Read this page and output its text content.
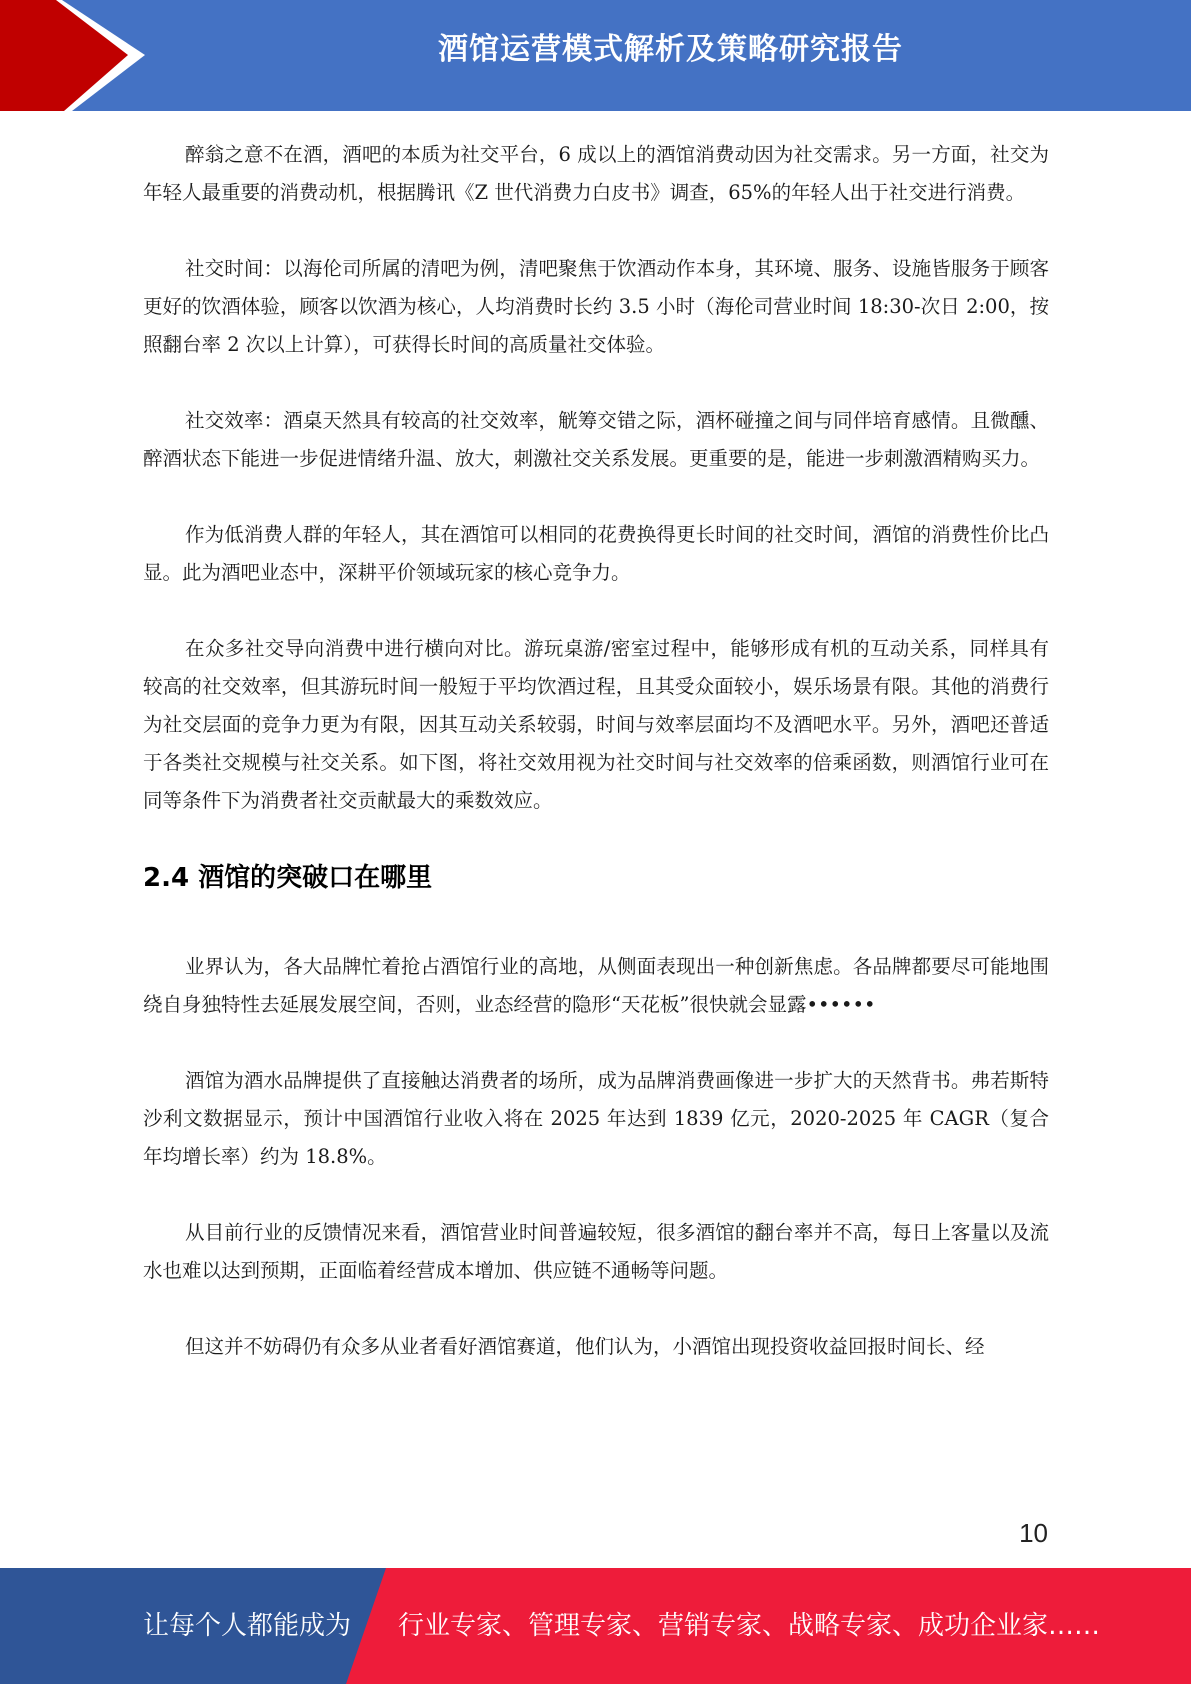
酒馆运营模式解析及策略研究报告

醉翁之意不在酒，酒吧的本质为社交平台，6 成以上的酒馆消费动因为社交需求。另一方面，社交为年轻人最重要的消费动机，根据腾讯《Z 世代消费力白皮书》调查，65%的年轻人出于社交进行消费。

社交时间：以海伦司所属的清吧为例，清吧聚焦于饮酒动作本身，其环境、服务、设施皆服务于顾客更好的饮酒体验，顾客以饮酒为核心，人均消费时长约 3.5 小时（海伦司营业时间 18:30-次日 2:00，按照翻台率 2 次以上计算），可获得长时间的高质量社交体验。

社交效率：酒桌天然具有较高的社交效率，觥筹交错之际，酒杯碰撞之间与同伴培育感情。且微醺、醉酒状态下能进一步促进情绪升温、放大，刺激社交关系发展。更重要的是，能进一步刺激酒精购买力。

作为低消费人群的年轻人，其在酒馆可以相同的花费换得更长时间的社交时间，酒馆的消费性价比凸显。此为酒吧业态中，深耕平价领域玩家的核心竞争力。

在众多社交导向消费中进行横向对比。游玩桌游/密室过程中，能够形成有机的互动关系，同样具有较高的社交效率，但其游玩时间一般短于平均饮酒过程，且其受众面较小，娱乐场景有限。其他的消费行为社交层面的竞争力更为有限，因其互动关系较弱，时间与效率层面均不及酒吧水平。另外，酒吧还普适于各类社交规模与社交关系。如下图，将社交效用视为社交时间与社交效率的倍乘函数，则酒馆行业可在同等条件下为消费者社交贡献最大的乘数效应。

2.4 酒馆的突破口在哪里

业界认为，各大品牌忙着抢占酒馆行业的高地，从侧面表现出一种创新焦虑。各品牌都要尽可能地围绕自身独特性去延展发展空间，否则，业态经营的隐形“天花板”很快就会显露••••••

酒馆为酒水品牌提供了直接触达消费者的场所，成为品牌消费画像进一步扩大的天然背书。弗若斯特沙利文数据显示，预计中国酒馆行业收入将在 2025 年达到 1839 亿元，2020-2025 年 CAGR（复合年均增长率）约为 18.8%。

从目前行业的反馈情况来看，酒馆营业时间普遍较短，很多酒馆的翻台率并不高，每日上客量以及流水也难以达到预期，正面临着经营成本增加、供应链不通畅等问题。

但这并不妨碍仍有众多从业者看好酒馆赛道，他们认为，小酒馆出现投资收益回报时间长、经

10
让每个人都能成为 行业专家、管理专家、营销专家、战略专家、成功企业家……
